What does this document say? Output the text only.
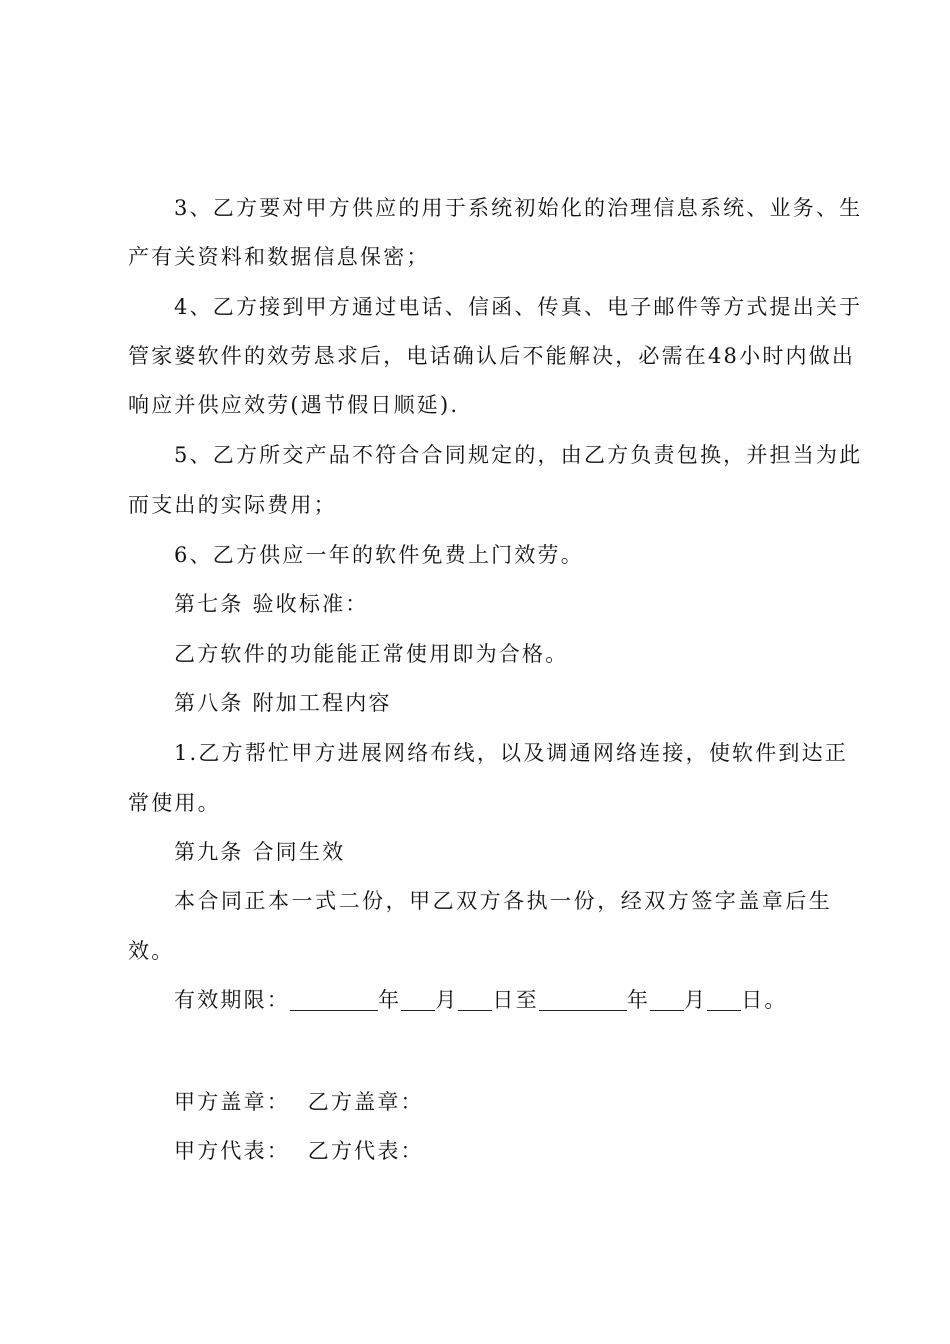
3、乙方要对甲方供应的用于系统初始化的治理信息系统、业务、生
产有关资料和数据信息保密；
4、乙方接到甲方通过电话、信函、传真、电子邮件等方式提出关于
管家婆软件的效劳恳求后，电话确认后不能解决，必需在48小时内做出
响应并供应效劳(遇节假日顺延).
5、乙方所交产品不符合合同规定的，由乙方负责包换，并担当为此
而支出的实际费用；
6、乙方供应一年的软件免费上门效劳。
第七条 验收标准：
乙方软件的功能能正常使用即为合格。
第八条 附加工程内容
1.乙方帮忙甲方进展网络布线，以及调通网络连接，使软件到达正
常使用。
第九条 合同生效
本合同正本一式二份，甲乙双方各执一份，经双方签字盖章后生
效。
有效期限：	年 月 日至	年 月 日。
甲方盖章：  乙方盖章：
甲方代表：  乙方代表：
